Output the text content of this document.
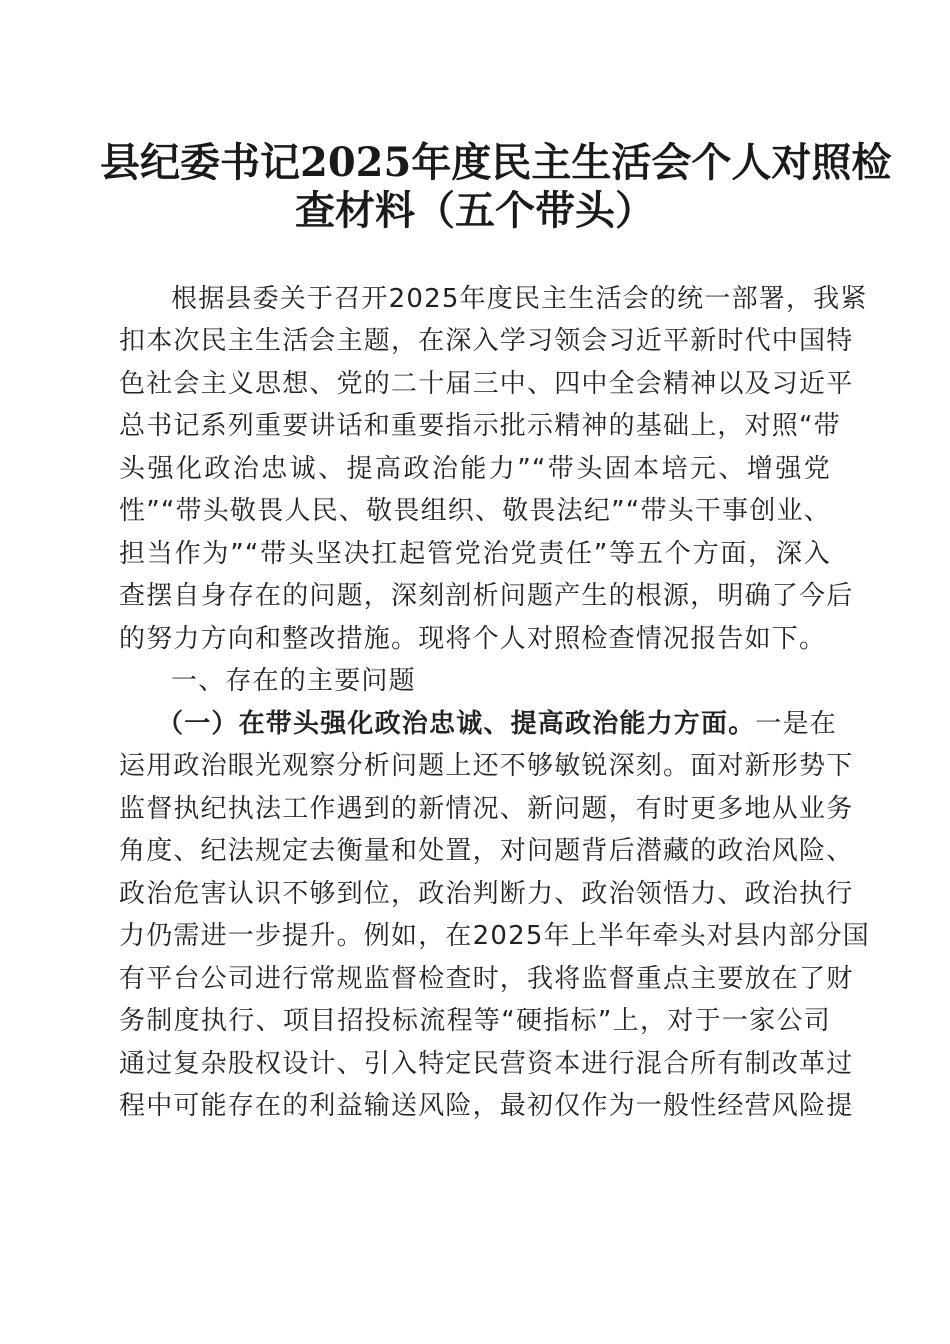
县纪委书记2025年度民主生活会个人对照检
查材料（五个带头）
根据县委关于召开2025年度民主生活会的统一部署，我紧
扣本次民主生活会主题，在深入学习领会习近平新时代中国特
色社会主义思想、党的二十届三中、四中全会精神以及习近平
总书记系列重要讲话和重要指示批示精神的基础上，对照“带
头强化政治忠诚、提高政治能力”“带头固本培元、增强党
性”“带头敬畏人民、敬畏组织、敬畏法纪”“带头干事创业、
担当作为”“带头坚决扛起管党治党责任”等五个方面，深入
查摆自身存在的问题，深刻剖析问题产生的根源，明确了今后
的努力方向和整改措施。现将个人对照检查情况报告如下。
一、存在的主要问题
（一）在带头强化政治忠诚、提高政治能力方面。一是在
运用政治眼光观察分析问题上还不够敏锐深刻。面对新形势下
监督执纪执法工作遇到的新情况、新问题，有时更多地从业务
角度、纪法规定去衡量和处置，对问题背后潜藏的政治风险、
政治危害认识不够到位，政治判断力、政治领悟力、政治执行
力仍需进一步提升。例如，在2025年上半年牵头对县内部分国
有平台公司进行常规监督检查时，我将监督重点主要放在了财
务制度执行、项目招投标流程等“硬指标”上，对于一家公司
通过复杂股权设计、引入特定民营资本进行混合所有制改革过
程中可能存在的利益输送风险，最初仅作为一般性经营风险提
